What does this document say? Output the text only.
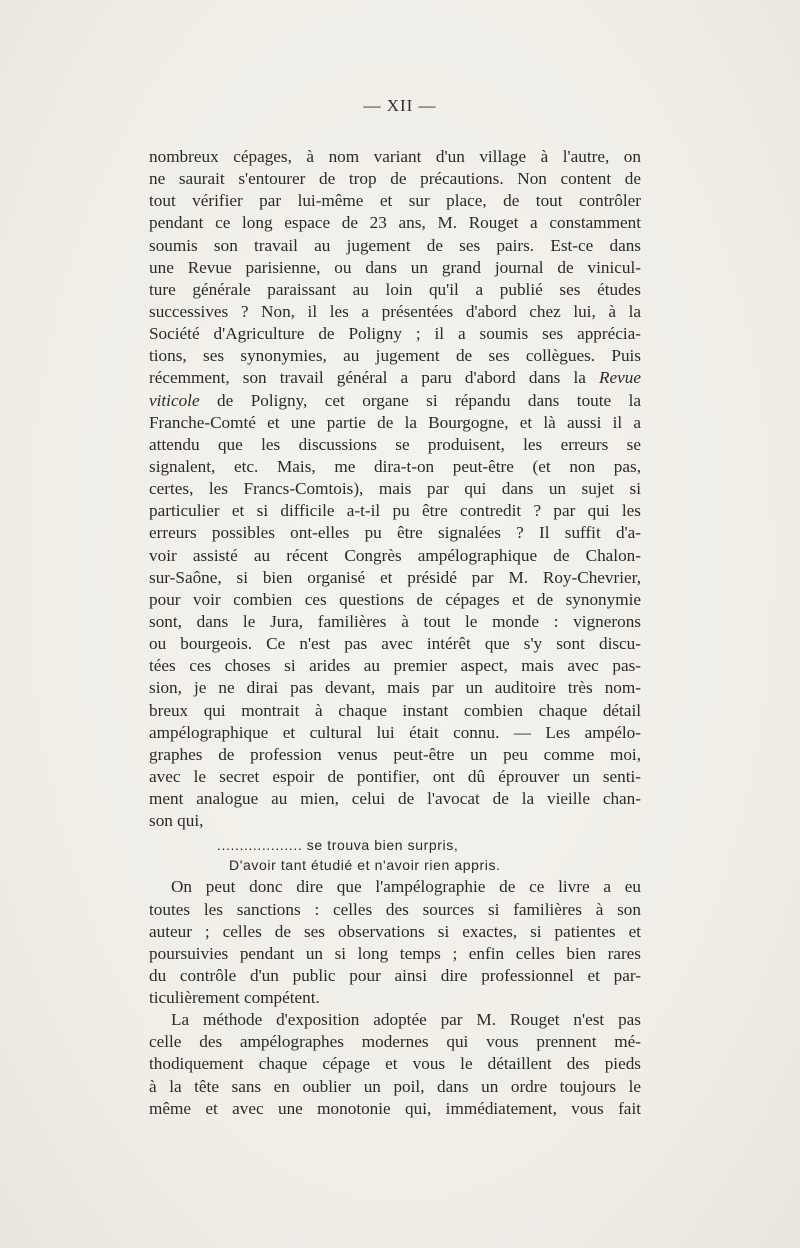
— XII —
nombreux cépages, à nom variant d'un village à l'autre, on
ne saurait s'entourer de trop de précautions. Non content de
tout vérifier par lui-même et sur place, de tout contrôler
pendant ce long espace de 23 ans, M. Rouget a constamment
soumis son travail au jugement de ses pairs. Est-ce dans
une Revue parisienne, ou dans un grand journal de vinicul-
ture générale paraissant au loin qu'il a publié ses études
successives ? Non, il les a présentées d'abord chez lui, à la
Société d'Agriculture de Poligny ; il a soumis ses apprécia-
tions, ses synonymies, au jugement de ses collègues. Puis
récemment, son travail général a paru d'abord dans la Revue
viticole de Poligny, cet organe si répandu dans toute la
Franche-Comté et une partie de la Bourgogne, et là aussi il a
attendu que les discussions se produisent, les erreurs se
signalent, etc. Mais, me dira-t-on peut-être (et non pas,
certes, les Francs-Comtois), mais par qui dans un sujet si
particulier et si difficile a-t-il pu être contredit ? par qui les
erreurs possibles ont-elles pu être signalées ? Il suffit d'a-
voir assisté au récent Congrès ampélographique de Chalon-
sur-Saône, si bien organisé et présidé par M. Roy-Chevrier,
pour voir combien ces questions de cépages et de synonymie
sont, dans le Jura, familières à tout le monde : vignerons
ou bourgeois. Ce n'est pas avec intérêt que s'y sont discu-
tées ces choses si arides au premier aspect, mais avec pas-
sion, je ne dirai pas devant, mais par un auditoire très nom-
breux qui montrait à chaque instant combien chaque détail
ampélographique et cultural lui était connu. — Les ampélo-
graphes de profession venus peut-être un peu comme moi,
avec le secret espoir de pontifier, ont dû éprouver un senti-
ment analogue au mien, celui de l'avocat de la vieille chan-
son qui,
................... se trouva bien surpris,
D'avoir tant étudié et n'avoir rien appris.
On peut donc dire que l'ampélographie de ce livre a eu
toutes les sanctions : celles des sources si familières à son
auteur ; celles de ses observations si exactes, si patientes et
poursuivies pendant un si long temps ; enfin celles bien rares
du contrôle d'un public pour ainsi dire professionnel et par-
ticulièrement compétent.
La méthode d'exposition adoptée par M. Rouget n'est pas
celle des ampélographes modernes qui vous prennent mé-
thodiquement chaque cépage et vous le détaillent des pieds
à la tête sans en oublier un poil, dans un ordre toujours le
même et avec une monotonie qui, immédiatement, vous fait
